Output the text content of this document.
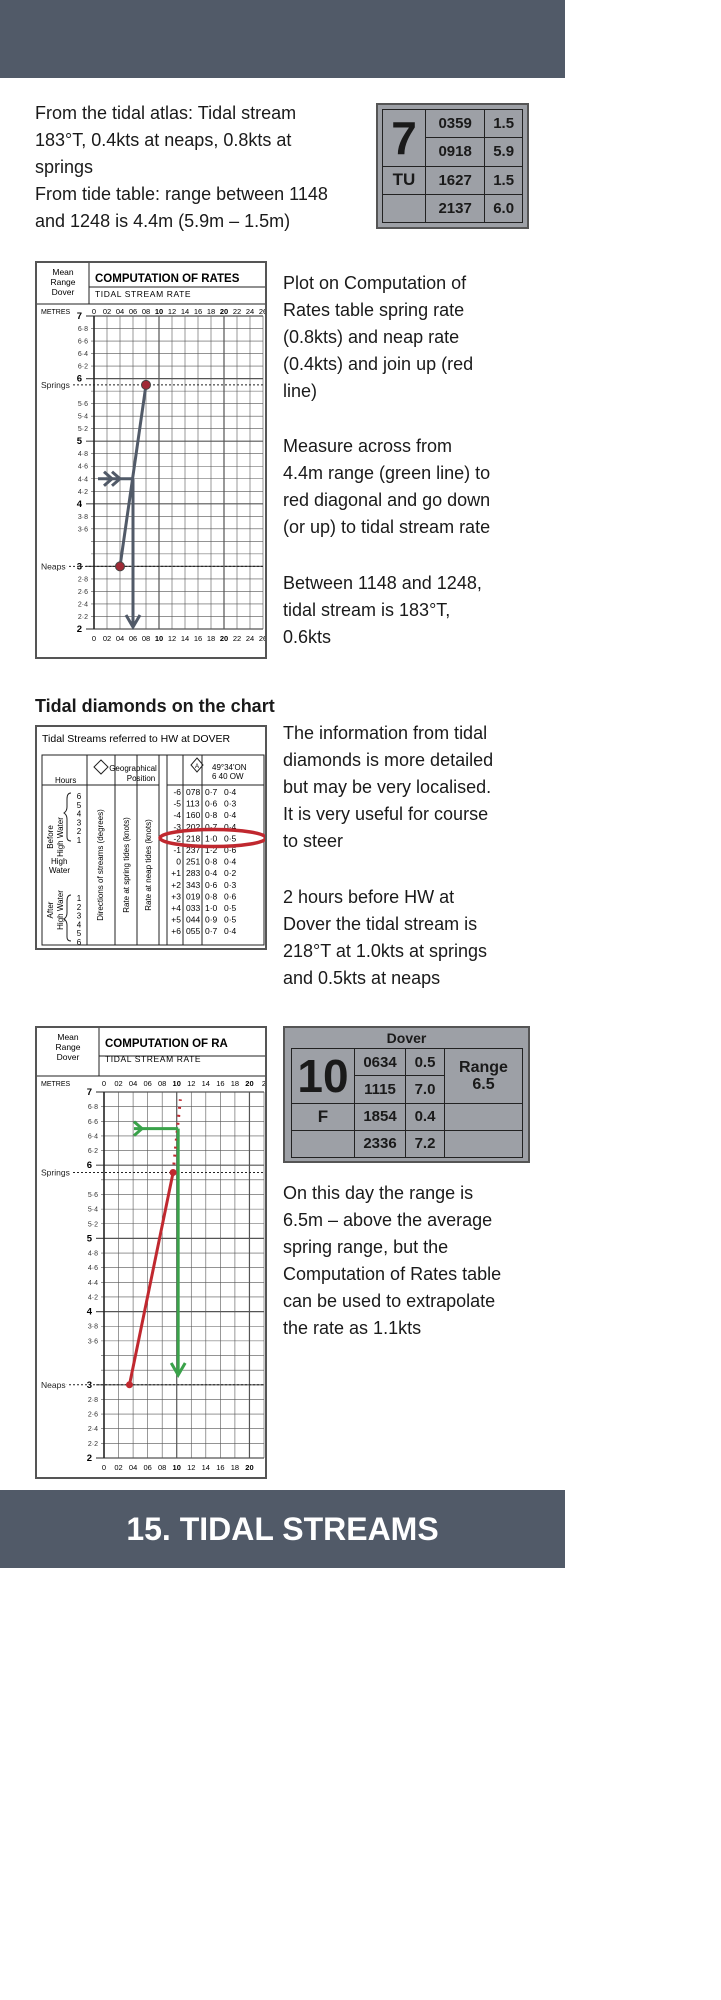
From the tidal atlas: Tidal stream
183°T, 0.4kts at neaps, 0.8kts at
springs
From tide table: range between 1148
and 1248 is 4.4m (5.9m – 1.5m)

7	0359	1.5
	0918	5.9
TU	1627	1.5
	2137	6.0
Mean
Range
Dover
COMPUTATION OF RATES
TIDAL STREAM RATE
METRES	0 02 04 06 08 10 12 14 16 18 20 22 24 26
0 02 04 06 08 10 12 14 16 18 20 22 24 26
7
6
5
4
3
2
6·8
6·6
6·4
6·2
5·6
5·4
5·2
4·8
4·6
4·4
4·2
3·8
3·6
2·8
2·6
2·4
2·2
Springs
Neaps

Plot on Computation of
Rates table spring rate
(0.8kts) and neap rate
(0.4kts) and join up (red
line)

Measure across from
4.4m range (green line) to
red diagonal and go down
(or up) to tidal stream rate

Between 1148 and 1248,
tidal stream is 183°T,
0.6kts

Tidal diamonds on the chart
Tidal Streams referred to HW at DOVER
Hours
Geographical
Position
A 49°34'ON
6 40 OW
Before High Water
High
Water
After High Water
6
5
4
3
2
1
1
2
3
4
5
6
Directions of streams (degrees) Rate at spring tides (knots) Rate at neap tides (knots)
-6 078 0·7 0·4
-5 113 0·6 0·3
-4 160 0·8 0·4
-3 202 0·7 0·4
-2 218 1·0 0·5
-1 237 1·2 0·6
0 251 0·8 0·4
+1 283 0·4 0·2
+2 343 0·6 0·3
+3 019 0·8 0·6
+4 033 1·0 0·5
+5 044 0·9 0·5
+6 055 0·7 0·4

The information from tidal
diamonds is more detailed
but may be very localised.
It is very useful for course
to steer

2 hours before HW at
Dover the tidal stream is
218°T at 1.0kts at springs
and 0.5kts at neaps

Mean
Range
Dover
COMPUTATION OF RA
TIDAL STREAM RATE
METRES	0 02 04 06 08 10 12 14 16 18 20 2
0 02 04 06 08 10 12 14 16 18 20
7
6
5
4
3
2
6·8
6·6
6·4
6·2
5·6
5·4
5·2
4·8
4·6
4·4
4·2
3·8
3·6
2·8
2·6
2·4
2·2
Springs
Neaps
Dover
10	0634	0.5	Range
6.5
	1115	7.0	
F	1854	0.4	
	2336	7.2	

On this day the range is
6.5m – above the average
spring range, but the
Computation of Rates table
can be used to extrapolate
the rate as 1.1kts

15. TIDAL STREAMS
